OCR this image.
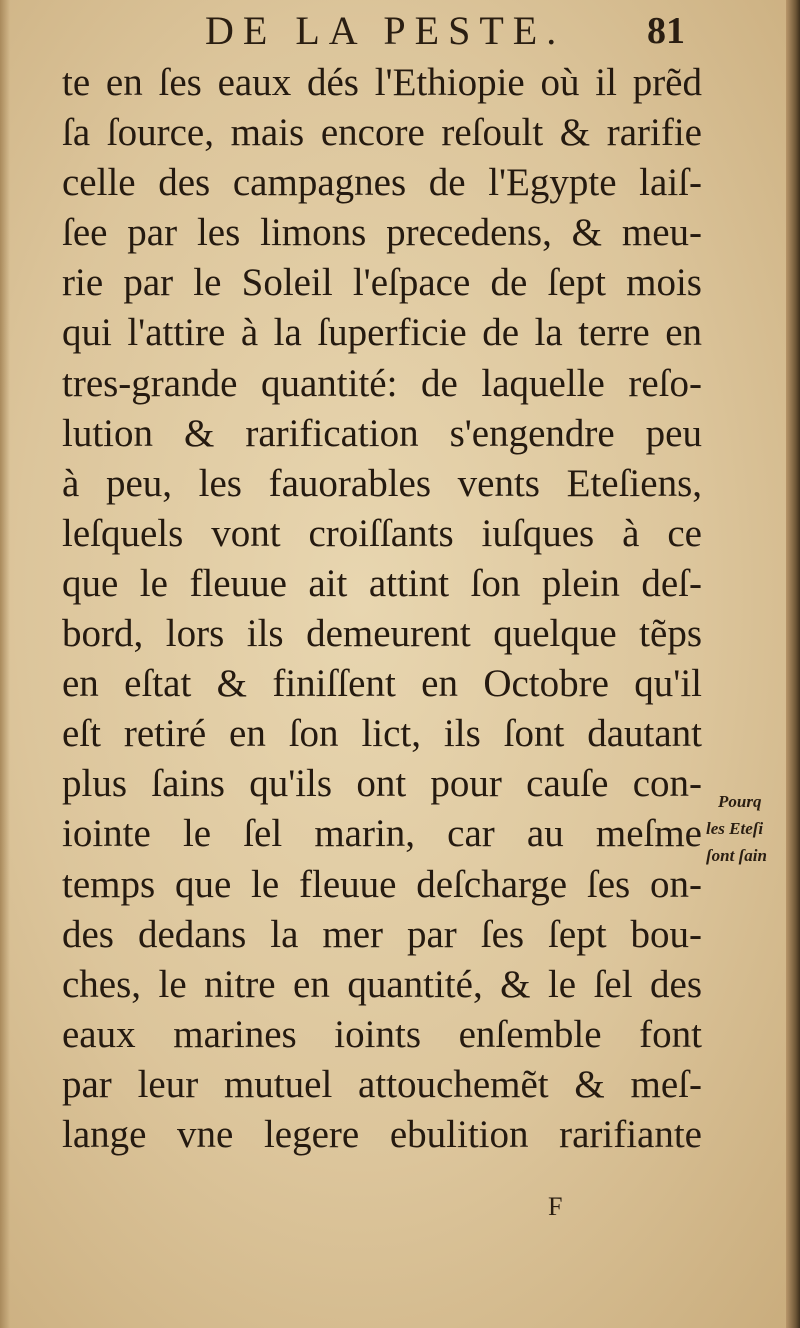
DE LA PESTE. 81
te en ſes eaux dés l'Ethiopie où il prẽd
ſa ſource, mais encore reſoult & rarifie
celle des campagnes de l'Egypte laiſ-
ſee par les limons precedens, & meu-
rie par le Soleil l'eſpace de ſept mois
qui l'attire à la ſuperficie de la terre en
tres-grande quantité: de laquelle reſo-
lution & rarification s'engendre peu
à peu, les fauorables vents Eteſiens,
leſquels vont croiſſants iuſques à ce
que le fleuue ait attint ſon plein deſ-
bord, lors ils demeurent quelque tẽps
en eſtat & finiſſent en Octobre qu'il
eſt retiré en ſon lict, ils ſont dautant
plus ſains qu'ils ont pour cauſe con-
iointe le ſel marin, car au meſme
temps que le fleuue deſcharge ſes on-
des dedans la mer par ſes ſept bou-
ches, le nitre en quantité, & le ſel des
eaux marines ioints enſemble font
par leur mutuel attouchemẽt & meſ-
lange vne legere ebulition rarifiante
Pourq
les Eteſi
ſont ſain
F
